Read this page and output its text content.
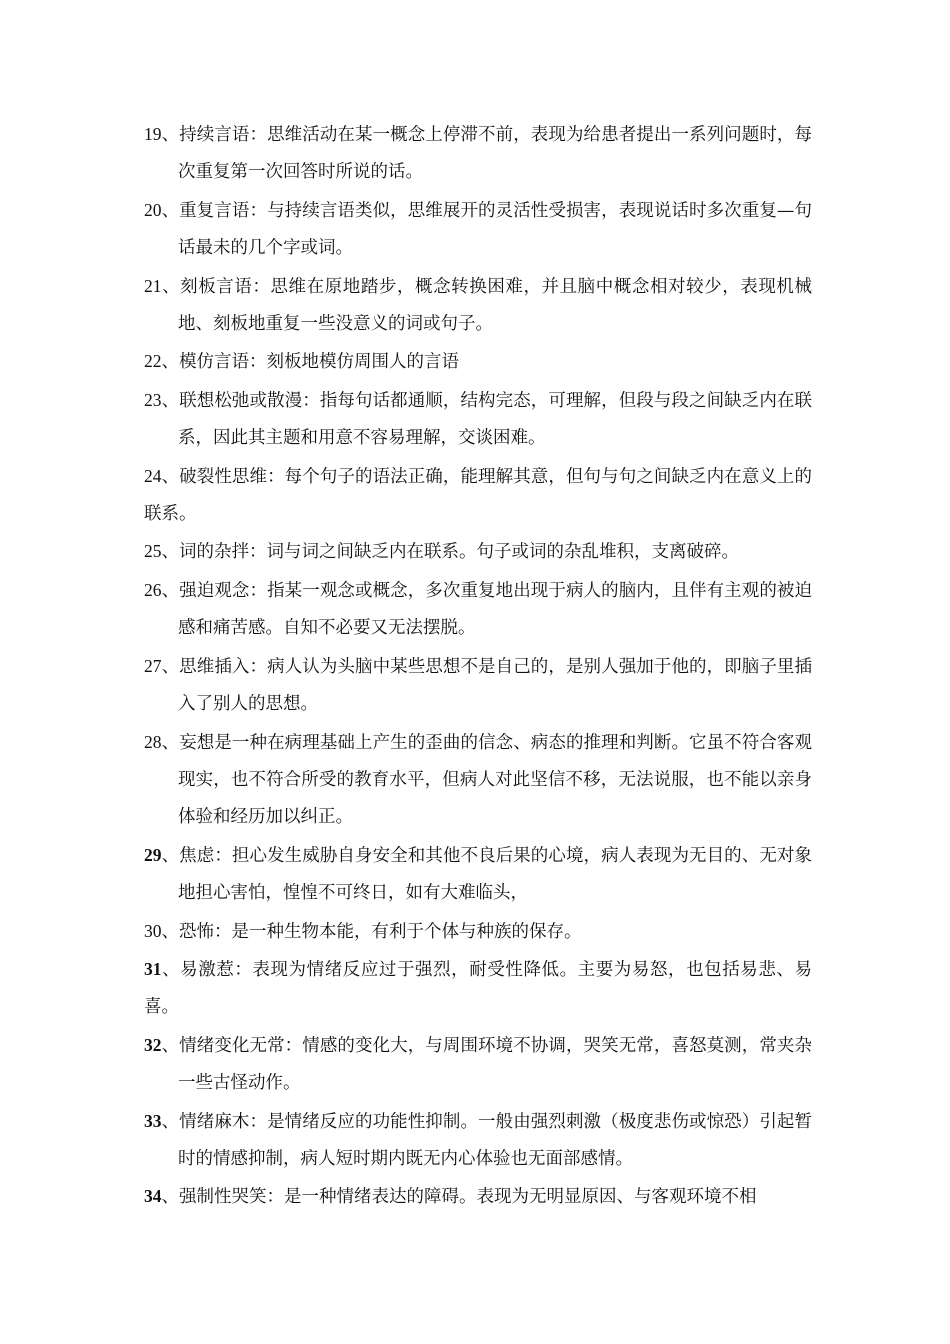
19、持续言语：思维活动在某一概念上停滞不前，表现为给患者提出一系列问题时，每次重复第一次回答时所说的话。

20、重复言语：与持续言语类似，思维展开的灵活性受损害，表现说话时多次重复—句话最未的几个字或词。

21、刻板言语：思维在原地踏步，概念转换困难，并且脑中概念相对较少，表现机械地、刻板地重复一些没意义的词或句子。

22、模仿言语：刻板地模仿周围人的言语

23、联想松弛或散漫：指每句话都通顺，结构完态，可理解，但段与段之间缺乏内在联系，因此其主题和用意不容易理解，交谈困难。

24、破裂性思维：每个句子的语法正确，能理解其意，但句与句之间缺乏内在意义上的联系。

25、词的杂拌：词与词之间缺乏内在联系。句子或词的杂乱堆积，支离破碎。

26、强迫观念：指某一观念或概念，多次重复地出现于病人的脑内，且伴有主观的被迫感和痛苦感。自知不必要又无法摆脱。

27、思维插入：病人认为头脑中某些思想不是自己的，是别人强加于他的，即脑子里插入了别人的思想。

28、妄想是一种在病理基础上产生的歪曲的信念、病态的推理和判断。它虽不符合客观现实，也不符合所受的教育水平，但病人对此坚信不移，无法说服，也不能以亲身体验和经历加以纠正。

29、焦虑：担心发生威胁自身安全和其他不良后果的心境，病人表现为无目的、无对象地担心害怕，惶惶不可终日，如有大难临头，

30、恐怖：是一种生物本能，有利于个体与种族的保存。

31、易激惹：表现为情绪反应过于强烈，耐受性降低。主要为易怒，也包括易悲、易喜。

32、情绪变化无常：情感的变化大，与周围环境不协调，哭笑无常，喜怒莫测，常夹杂一些古怪动作。

33、情绪麻木：是情绪反应的功能性抑制。一般由强烈刺激（极度悲伤或惊恐）引起暂时的情感抑制，病人短时期内既无内心体验也无面部感情。

34、强制性哭笑：是一种情绪表达的障碍。表现为无明显原因、与客观环境不相
